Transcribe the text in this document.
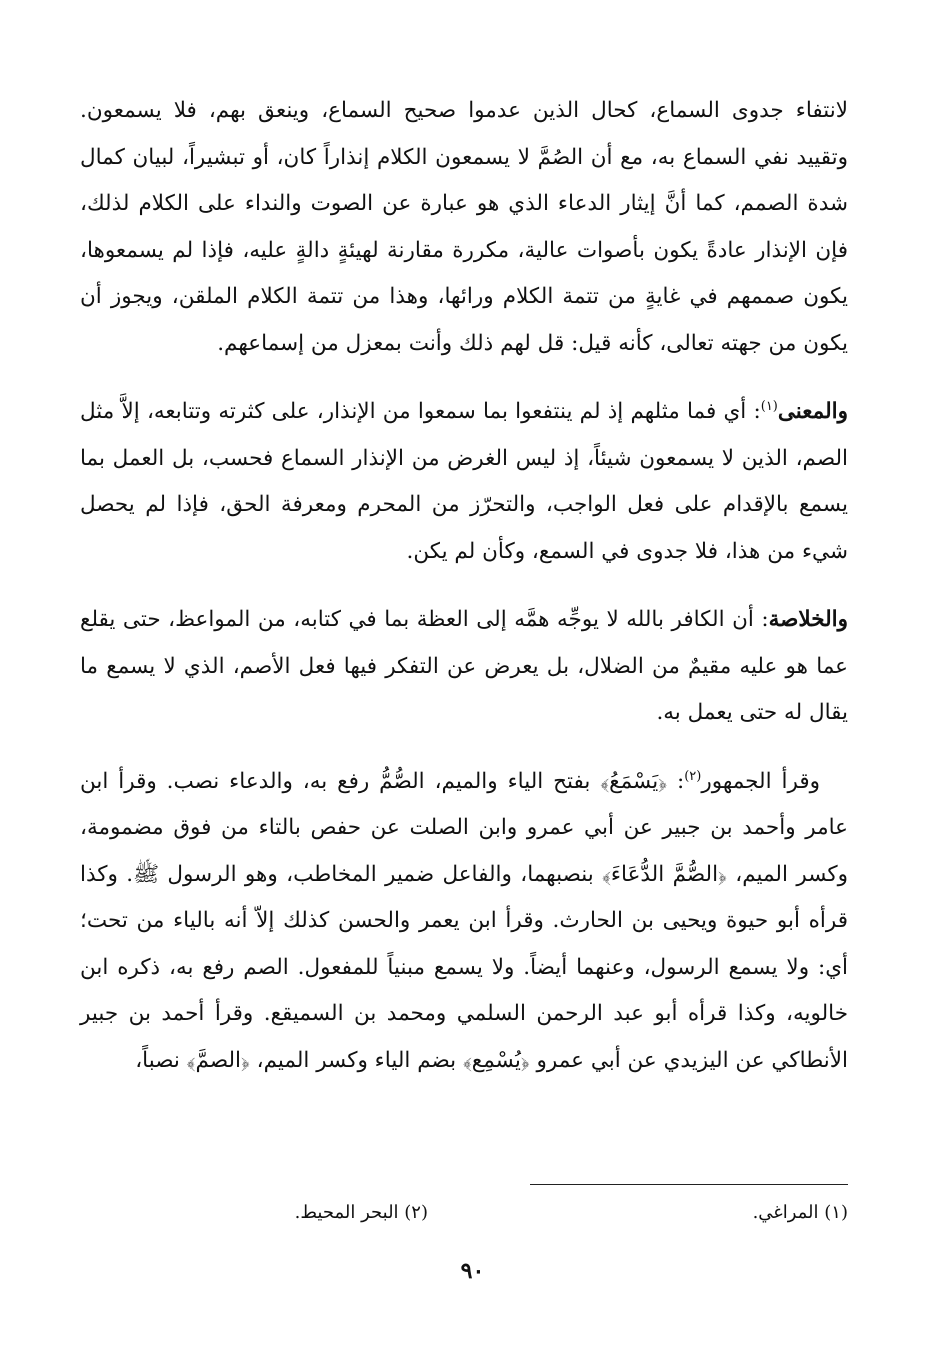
لانتفاء جدوى السماع، كحال الذين عدموا صحيح السماع، وينعق بهم، فلا يسمعون. وتقييد نفي السماع به، مع أن الصُمَّ لا يسمعون الكلام إنذاراً كان، أو تبشيراً، لبيان كمال شدة الصمم، كما أنَّ إيثار الدعاء الذي هو عبارة عن الصوت والنداء على الكلام لذلك، فإن الإنذار عادةً يكون بأصوات عالية، مكررة مقارنة لهيئةٍ دالةٍ عليه، فإذا لم يسمعوها، يكون صممهم في غايةٍ من تتمة الكلام ورائها، وهذا من تتمة الكلام الملقن، ويجوز أن يكون من جهته تعالى، كأنه قيل: قل لهم ذلك وأنت بمعزل من إسماعهم.

والمعنى$^{(١)}$: أي فما مثلهم إذ لم ينتفعوا بما سمعوا من الإنذار، على كثرته وتتابعه، إلاَّ مثل الصم، الذين لا يسمعون شيئاً، إذ ليس الغرض من الإنذار السماع فحسب، بل العمل بما يسمع بالإقدام على فعل الواجب، والتحرّز من المحرم ومعرفة الحق، فإذا لم يحصل شيء من هذا، فلا جدوى في السمع، وكأن لم يكن.

والخلاصة: أن الكافر بالله لا يوجِّه همَّه إلى العظة بما في كتابه، من المواعظ، حتى يقلع عما هو عليه مقيمٌ من الضلال، بل يعرض عن التفكر فيها فعل الأصم، الذي لا يسمع ما يقال له حتى يعمل به.

وقرأ الجمهور$^{(٢)}$: ﴿يَسْمَعُ﴾ بفتح الياء والميم، الصُّمُّ رفع به، والدعاء نصب. وقرأ ابن عامر وأحمد بن جبير عن أبي عمرو وابن الصلت عن حفص بالتاء من فوق مضمومة، وكسر الميم، ﴿الصُّمَّ الدُّعَاءَ﴾ بنصبهما، والفاعل ضمير المخاطب، وهو الرسول ﷺ. وكذا قرأه أبو حيوة ويحيى بن الحارث. وقرأ ابن يعمر والحسن كذلك إلاّ أنه بالياء من تحت؛ أي: ولا يسمع الرسول، وعنهما أيضاً. ولا يسمع مبنياً للمفعول. الصم رفع به، ذكره ابن خالويه، وكذا قرأه أبو عبد الرحمن السلمي ومحمد بن السميقع. وقرأ أحمد بن جبير الأنطاكي عن اليزيدي عن أبي عمرو ﴿يُسْمِع﴾ بضم الياء وكسر الميم، ﴿الصمَّ﴾ نصباً،

(١) المراغي.
(٢) البحر المحيط.
٩٠
